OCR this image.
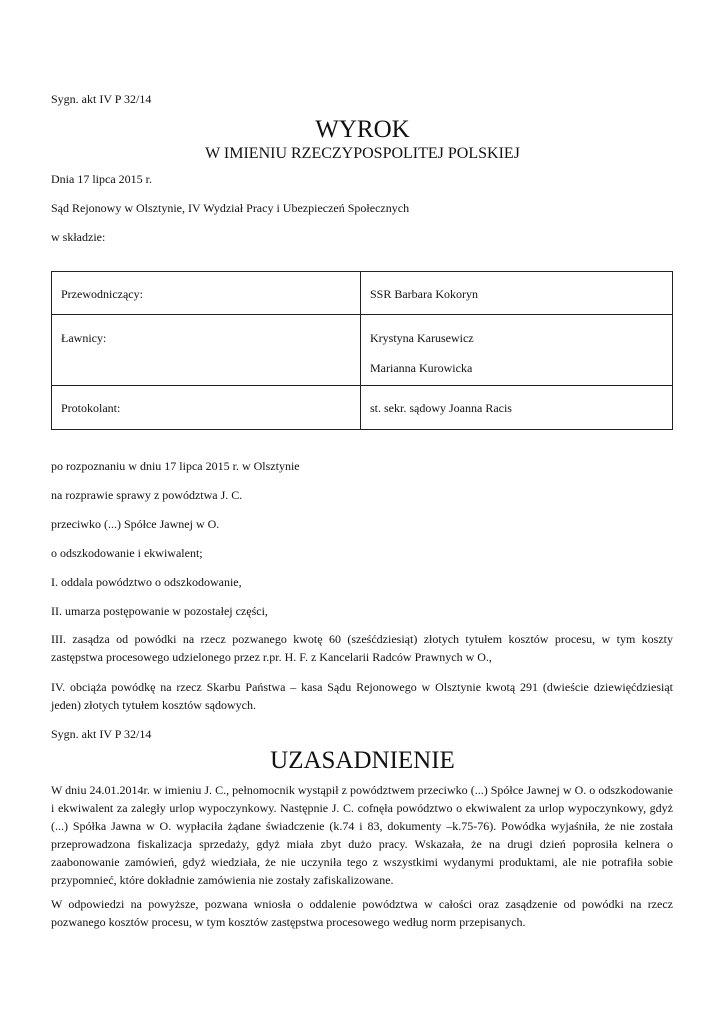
Sygn. akt IV P 32/14
WYROK
W IMIENIU RZECZYPOSPOLITEJ POLSKIEJ
Dnia 17 lipca 2015 r.
Sąd Rejonowy w Olsztynie, IV Wydział Pracy i Ubezpieczeń Społecznych
w składzie:
Przewodniczący:	SSR Barbara Kokoryn

Ławnicy:	Krystyna Karusewicz
Marianna Kurowicka

Protokolant:	st. sekr. sądowy Joanna Racis
po rozpoznaniu w dniu 17 lipca 2015 r. w Olsztynie
na rozprawie sprawy z powództwa J. C.
przeciwko (...) Spółce Jawnej w O.
o odszkodowanie i ekwiwalent;
I. oddala powództwo o odszkodowanie,
II. umarza postępowanie w pozostałej części,
III. zasądza od powódki na rzecz pozwanego kwotę 60 (sześćdziesiąt) złotych tytułem kosztów procesu, w tym koszty zastępstwa procesowego udzielonego przez r.pr. H. F. z Kancelarii Radców Prawnych w O.,
IV. obciąża powódkę na rzecz Skarbu Państwa – kasa Sądu Rejonowego w Olsztynie kwotą 291 (dwieście dziewięćdziesiąt jeden) złotych tytułem kosztów sądowych.
Sygn. akt IV P 32/14
UZASADNIENIE
W dniu 24.01.2014r. w imieniu J. C., pełnomocnik wystąpił z powództwem przeciwko (...) Spółce Jawnej w O. o odszkodowanie i ekwiwalent za zaległy urlop wypoczynkowy. Następnie J. C. cofnęła powództwo o ekwiwalent za urlop wypoczynkowy, gdyż (...) Spółka Jawna w O. wypłaciła żądane świadczenie (k.74 i 83, dokumenty –k.75-76). Powódka wyjaśniła, że nie została przeprowadzona fiskalizacja sprzedaży, gdyż miała zbyt dużo pracy. Wskazała, że na drugi dzień poprosiła kelnera o zaabonowanie zamówień, gdyż wiedziała, że nie uczyniła tego z wszystkimi wydanymi produktami, ale nie potrafiła sobie przypomnieć, które dokładnie zamówienia nie zostały zafiskalizowane.
W odpowiedzi na powyższe, pozwana wniosła o oddalenie powództwa w całości oraz zasądzenie od powódki na rzecz pozwanego kosztów procesu, w tym kosztów zastępstwa procesowego według norm przepisanych.
